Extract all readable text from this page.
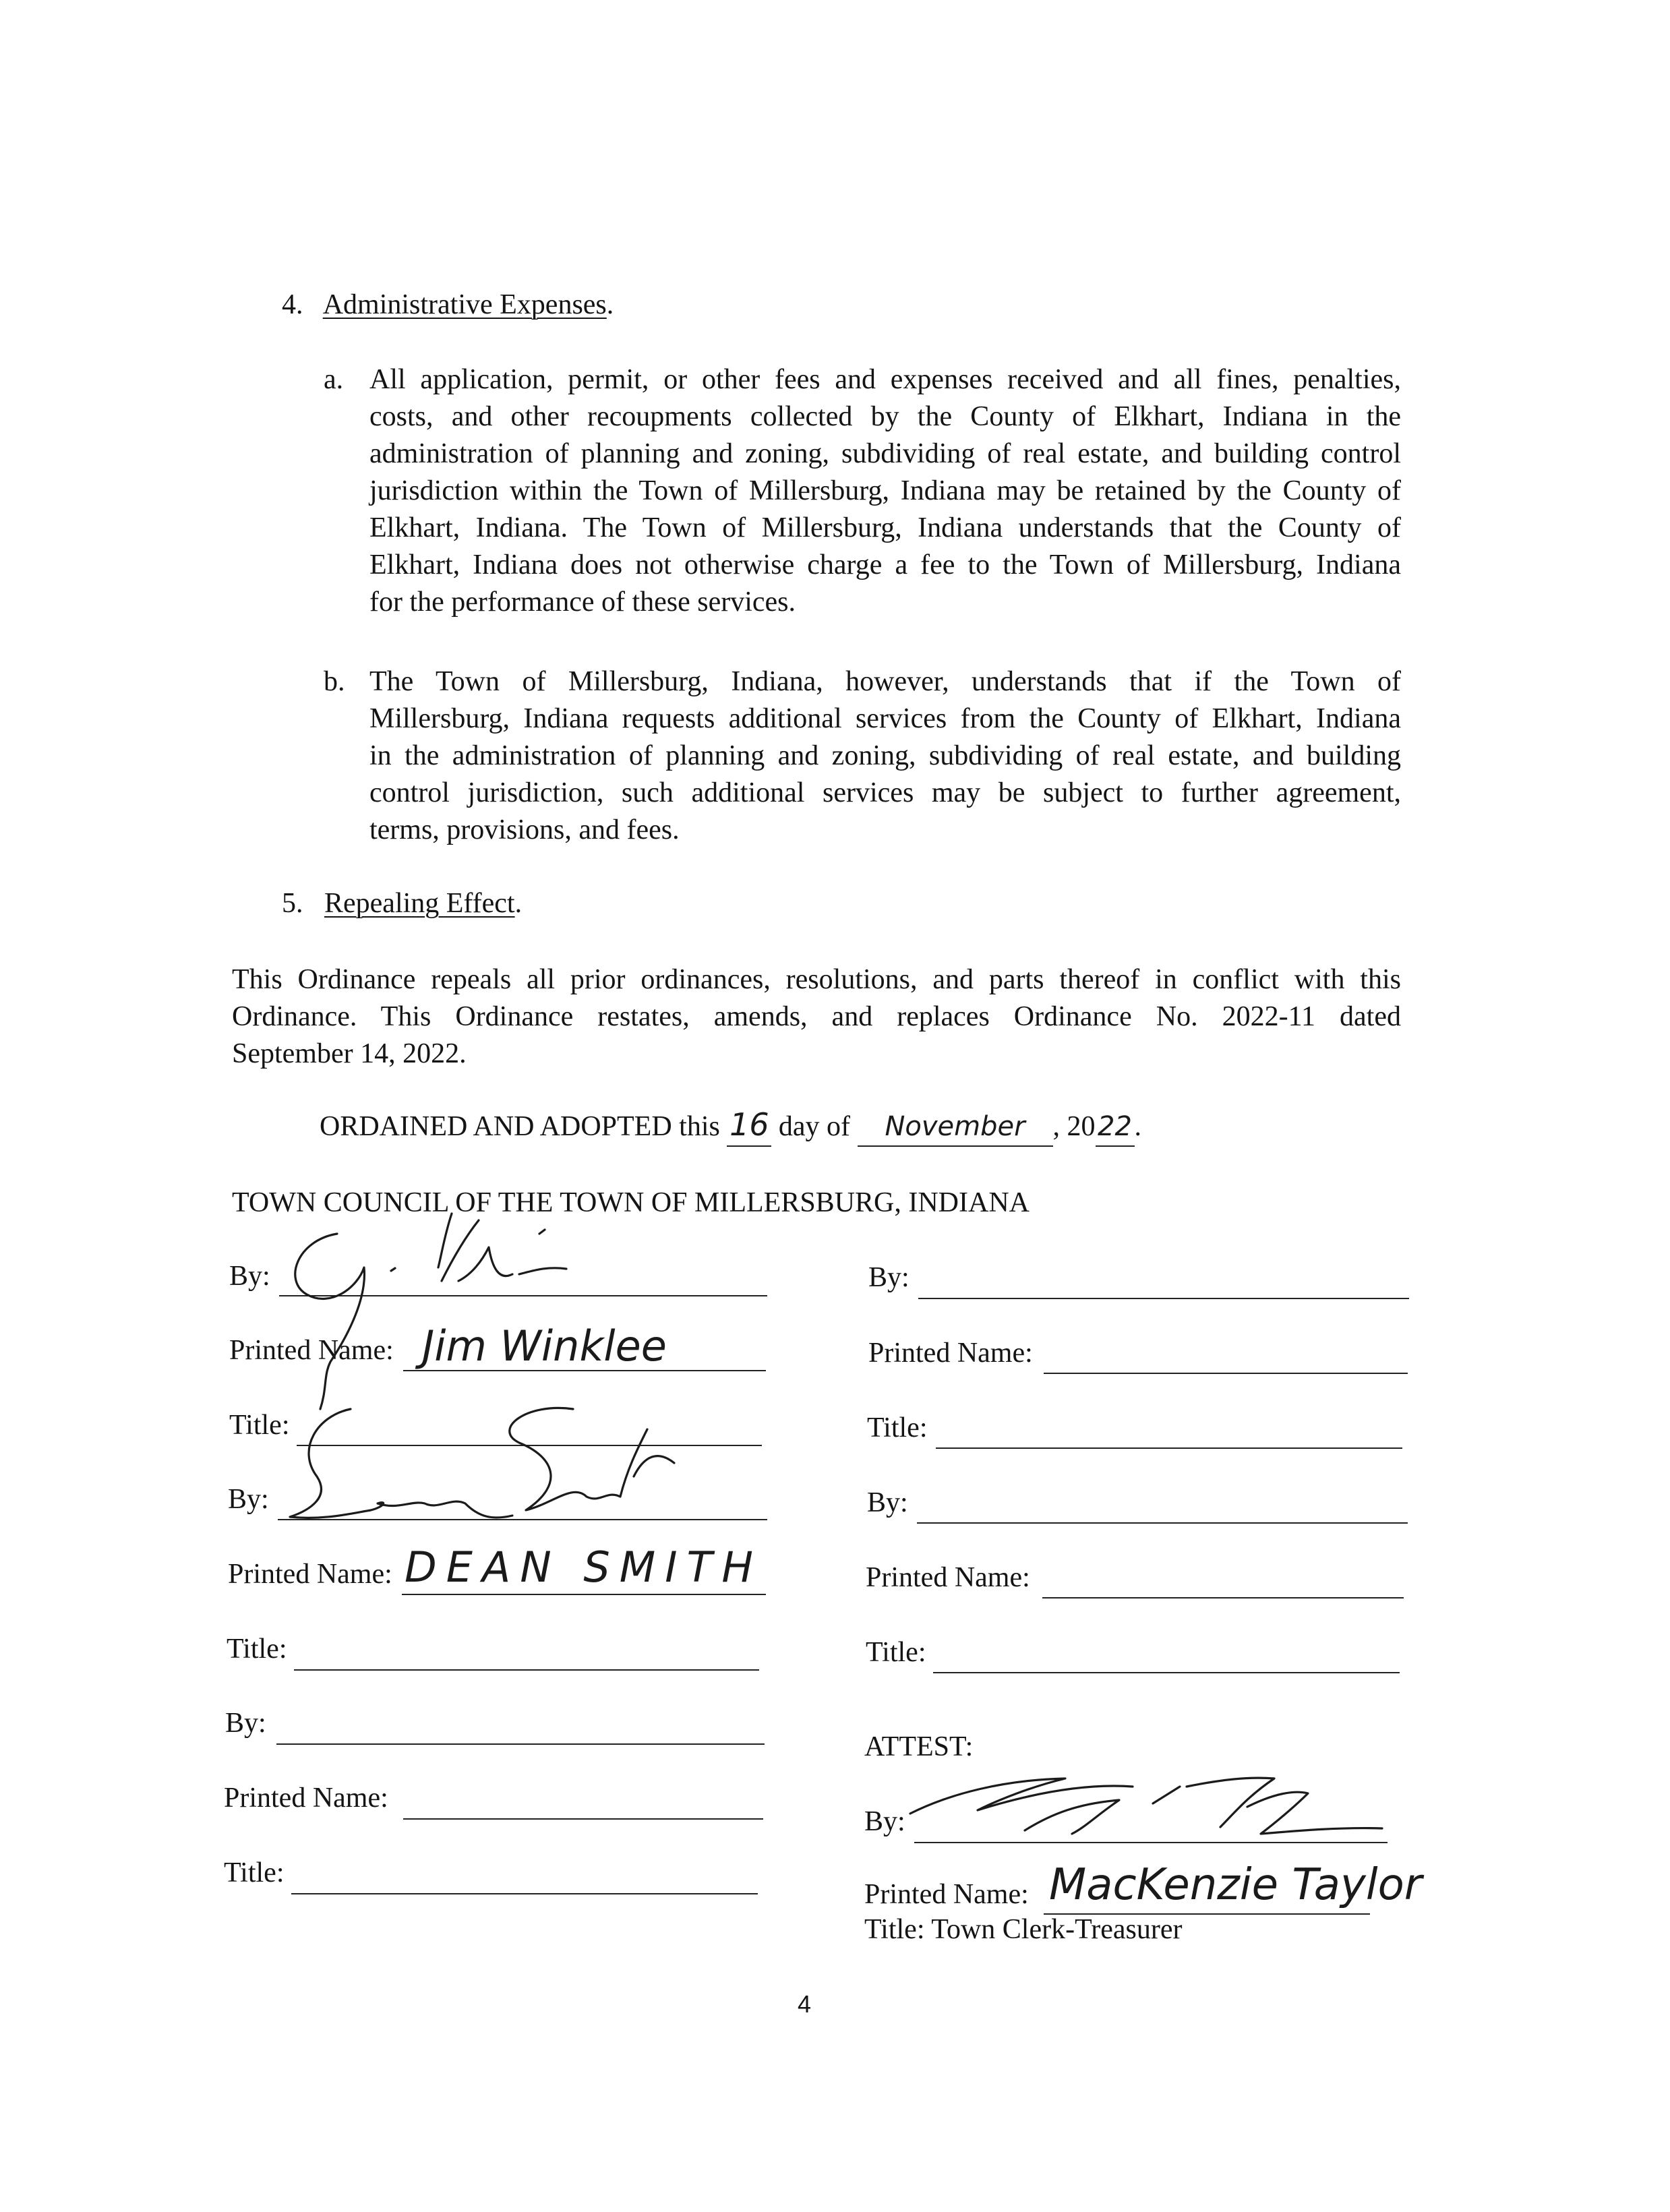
4. Administrative Expenses.
a. All application, permit, or other fees and expenses received and all fines, penalties,
costs, and other recoupments collected by the County of Elkhart, Indiana in the
administration of planning and zoning, subdividing of real estate, and building control
jurisdiction within the Town of Millersburg, Indiana may be retained by the County of
Elkhart, Indiana. The Town of Millersburg, Indiana understands that the County of
Elkhart, Indiana does not otherwise charge a fee to the Town of Millersburg, Indiana
for the performance of these services.
b. The Town of Millersburg, Indiana, however, understands that if the Town of
Millersburg, Indiana requests additional services from the County of Elkhart, Indiana
in the administration of planning and zoning, subdividing of real estate, and building
control jurisdiction, such additional services may be subject to further agreement,
terms, provisions, and fees.
5. Repealing Effect.
This Ordinance repeals all prior ordinances, resolutions, and parts thereof in conflict with this
Ordinance. This Ordinance restates, amends, and replaces Ordinance No. 2022-11 dated
September 14, 2022.
ORDAINED AND ADOPTED this 16 day of November , 2022.
TOWN COUNCIL OF THE TOWN OF MILLERSBURG, INDIANA
By:
Printed Name: Jim Winklee
Title:
By:
Printed Name: DEAN SMITH
Title:
By:
Printed Name:
Title:
By:
Printed Name:
Title:
By:
Printed Name:
Title:
ATTEST:
By:
Printed Name: MacKenzie Taylor
Title: Town Clerk-Treasurer
4
